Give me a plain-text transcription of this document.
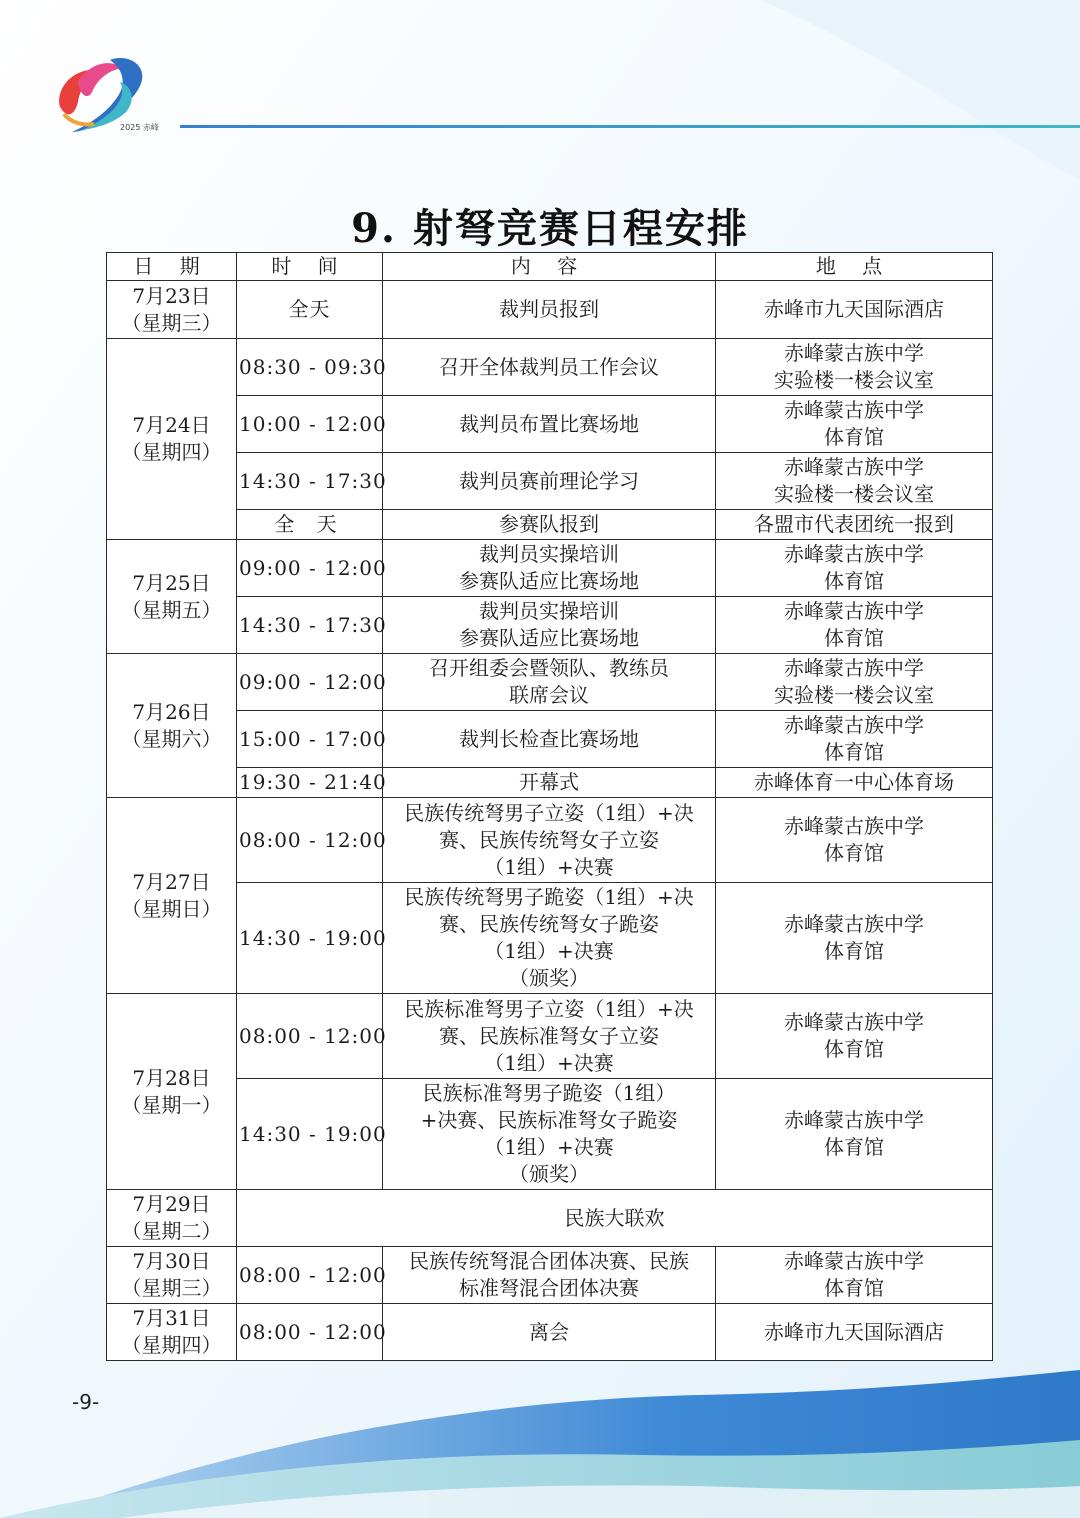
2025 赤峰
9. 射弩竞赛日程安排
日 期	时 间	内 容	地 点

7月23日
（星期三）	全天	裁判员报到	赤峰市九天国际酒店

7月24日
（星期四）	08:30 - 09:30	召开全体裁判员工作会议	赤峰蒙古族中学
实验楼一楼会议室

	10:00 - 12:00	裁判员布置比赛场地	赤峰蒙古族中学
体育馆

	14:30 - 17:30	裁判员赛前理论学习	赤峰蒙古族中学
实验楼一楼会议室

	全 天	参赛队报到	各盟市代表团统一报到

7月25日
（星期五）	09:00 - 12:00	裁判员实操培训
参赛队适应比赛场地	赤峰蒙古族中学
体育馆

	14:30 - 17:30	裁判员实操培训
参赛队适应比赛场地	赤峰蒙古族中学
体育馆

7月26日
（星期六）	09:00 - 12:00	召开组委会暨领队、教练员
联席会议	赤峰蒙古族中学
实验楼一楼会议室

	15:00 - 17:00	裁判长检查比赛场地	赤峰蒙古族中学
体育馆

	19:30 - 21:40	开幕式	赤峰体育一中心体育场

7月27日
（星期日）	08:00 - 12:00	民族传统弩男子立姿（1组）+决
赛、民族传统弩女子立姿
（1组）+决赛	赤峰蒙古族中学
体育馆

	14:30 - 19:00	民族传统弩男子跪姿（1组）+决
赛、民族传统弩女子跪姿
（1组）+决赛
（颁奖）	赤峰蒙古族中学
体育馆

7月28日
（星期一）	08:00 - 12:00	民族标准弩男子立姿（1组）+决
赛、民族标准弩女子立姿
（1组）+决赛	赤峰蒙古族中学
体育馆

	14:30 - 19:00	民族标准弩男子跪姿（1组）
+决赛、民族标准弩女子跪姿
（1组）+决赛
（颁奖）	赤峰蒙古族中学
体育馆

7月29日
（星期二）	民族大联欢		

7月30日
（星期三）	08:00 - 12:00	民族传统弩混合团体决赛、民族
标准弩混合团体决赛	赤峰蒙古族中学
体育馆

7月31日
（星期四）	08:00 - 12:00	离会	赤峰市九天国际酒店
-9-
